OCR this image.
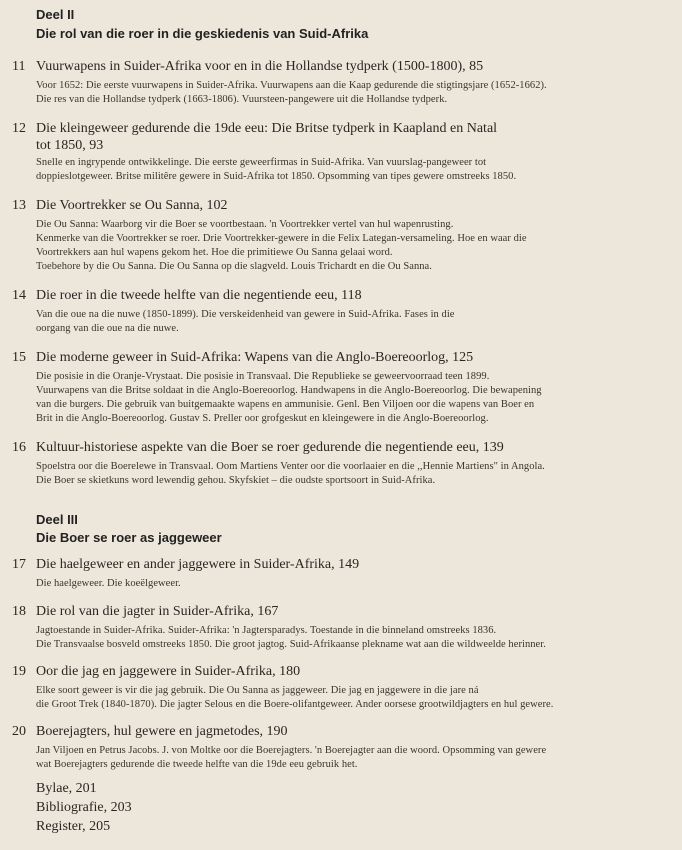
Deel II
Die rol van die roer in die geskiedenis van Suid-Afrika
11 Vuurwapens in Suider-Afrika voor en in die Hollandse tydperk (1500-1800), 85
Voor 1652: Die eerste vuurwapens in Suider-Afrika. Vuurwapens aan die Kaap gedurende die stigtingsjare (1652-1662).
Die res van die Hollandse tydperk (1663-1806). Vuursteen-pangewere uit die Hollandse tydperk.
12 Die kleingeweer gedurende die 19de eeu: Die Britse tydperk in Kaapland en Natal
tot 1850, 93
Snelle en ingrypende ontwikkelinge. Die eerste geweerfirmas in Suid-Afrika. Van vuurslag-pangeweer tot
doppieslotgeweer. Britse militêre gewere in Suid-Afrika tot 1850. Opsomming van tipes gewere omstreeks 1850.
13 Die Voortrekker se Ou Sanna, 102
Die Ou Sanna: Waarborg vir die Boer se voortbestaan. 'n Voortrekker vertel van hul wapenrusting.
Kenmerke van die Voortrekker se roer. Drie Voortrekker-gewere in die Felix Lategan-versameling. Hoe en waar die
Voortrekkers aan hul wapens gekom het. Hoe die primitiewe Ou Sanna gelaai word.
Toebehore by die Ou Sanna. Die Ou Sanna op die slagveld. Louis Trichardt en die Ou Sanna.
14 Die roer in die tweede helfte van die negentiende eeu, 118
Van die oue na die nuwe (1850-1899). Die verskeidenheid van gewere in Suid-Afrika. Fases in die
oorgang van die oue na die nuwe.
15 Die moderne geweer in Suid-Afrika: Wapens van die Anglo-Boereoorlog, 125
Die posisie in die Oranje-Vrystaat. Die posisie in Transvaal. Die Republieke se geweervoorraad teen 1899.
Vuurwapens van die Britse soldaat in die Anglo-Boereoorlog. Handwapens in die Anglo-Boereoorlog. Die bewapening
van die burgers. Die gebruik van buitgemaakte wapens en ammunisie. Genl. Ben Viljoen oor die wapens van Boer en
Brit in die Anglo-Boereoorlog. Gustav S. Preller oor grofgeskut en kleingewere in die Anglo-Boereoorlog.
16 Kultuur-historiese aspekte van die Boer se roer gedurende die negentiende eeu, 139
Spoelstra oor die Boerelewe in Transvaal. Oom Martiens Venter oor die voorlaaier en die ,,Hennie Martiens" in Angola.
Die Boer se skietkuns word lewendig gehou. Skyfskiet – die oudste sportsoort in Suid-Afrika.
Deel III
Die Boer se roer as jaggeweer
17 Die haelgeweer en ander jaggewere in Suider-Afrika, 149
Die haelgeweer. Die koeëlgeweer.
18 Die rol van die jagter in Suider-Afrika, 167
Jagtoestande in Suider-Afrika. Suider-Afrika: 'n Jagtersparadys. Toestande in die binneland omstreeks 1836.
Die Transvaalse bosveld omstreeks 1850. Die groot jagtog. Suid-Afrikaanse plekname wat aan die wildweelde herinner.
19 Oor die jag en jaggewere in Suider-Afrika, 180
Elke soort geweer is vir die jag gebruik. Die Ou Sanna as jaggeweer. Die jag en jaggewere in die jare ná
die Groot Trek (1840-1870). Die jagter Selous en die Boere-olifantgeweer. Ander oorsese grootwildjagters en hul gewere.
20 Boerejagters, hul gewere en jagmetodes, 190
Jan Viljoen en Petrus Jacobs. J. von Moltke oor die Boerejagters. 'n Boerejagter aan die woord. Opsomming van gewere
wat Boerejagters gedurende die tweede helfte van die 19de eeu gebruik het.
Bylae, 201
Bibliografie, 203
Register, 205
